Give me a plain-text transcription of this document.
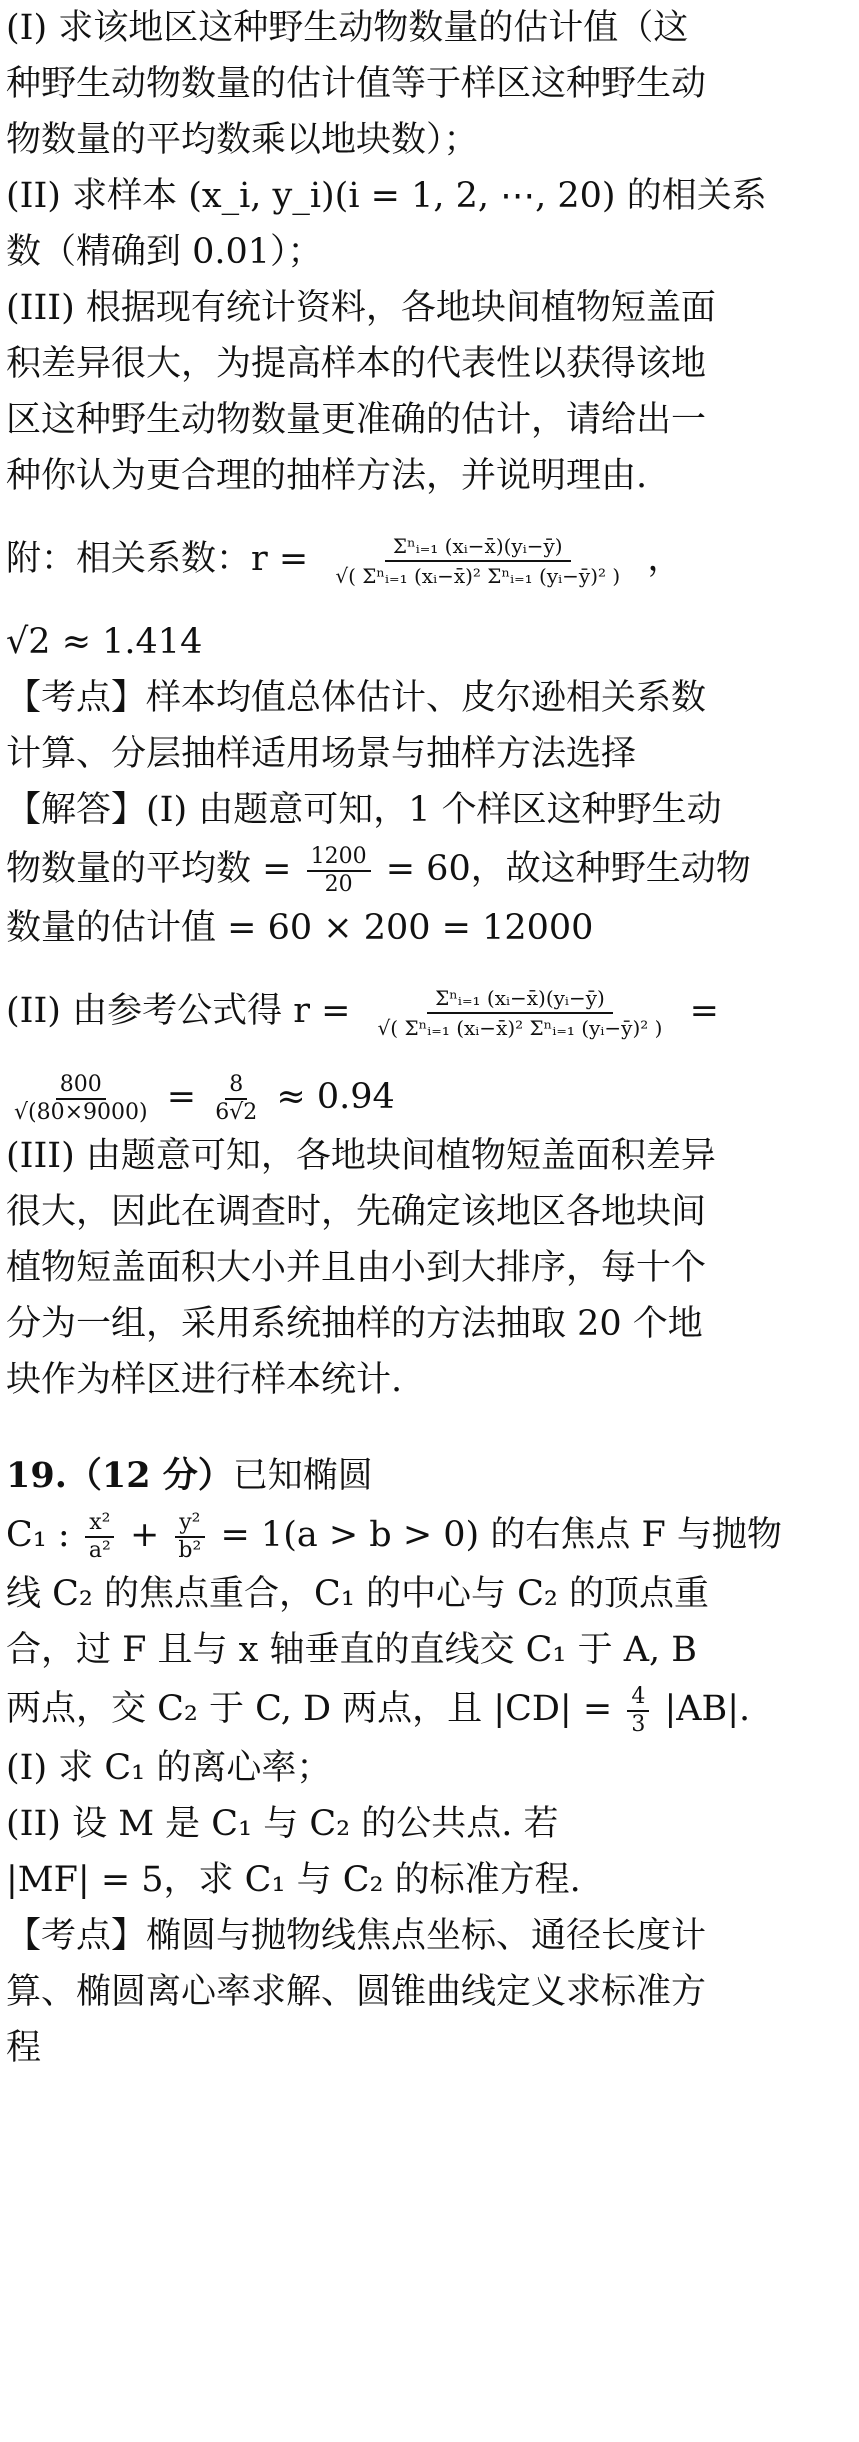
(I) 求该地区这种野生动物数量的估计值（这

种野生动物数量的估计值等于样区这种野生动

物数量的平均数乘以地块数）；

(II) 求样本 (x_i, y_i)(i = 1, 2, ⋯, 20) 的相关系

数（精确到 0.01）；

(III) 根据现有统计资料，各地块间植物短盖面

积差异很大，为提高样本的代表性以获得该地

区这种野生动物数量更准确的估计，请给出一

种你认为更合理的抽样方法，并说明理由.

附：相关系数：$r = \frac{\text{Σⁿᵢ₌₁ (xᵢ−x̄)(yᵢ−ȳ)}}{\text{√( Σⁿᵢ₌₁ (xᵢ−x̄)² Σⁿᵢ₌₁ (yᵢ−ȳ)² )}}$ ，

√2 ≈ 1.414

【考点】样本均值总体估计、皮尔逊相关系数

计算、分层抽样适用场景与抽样方法选择

【解答】(I) 由题意可知，1 个样区这种野生动

物数量的平均数 = $\frac{1200}{20} = 60$，故这种野生动物

数量的估计值 = 60 × 200 = 12000

(II) 由参考公式得 $r = \frac{\text{Σⁿᵢ₌₁ (xᵢ−x̄)(yᵢ−ȳ)}}{\text{√( Σⁿᵢ₌₁ (xᵢ−x̄)² Σⁿᵢ₌₁ (yᵢ−ȳ)² )}}$ =
$\frac{800}{√(80\times 9000)} = \frac{8}{6√2} \approx 0.94$

(III) 由题意可知，各地块间植物短盖面积差异

很大，因此在调查时，先确定该地区各地块间

植物短盖面积大小并且由小到大排序，每十个

分为一组，采用系统抽样的方法抽取 20 个地

块作为样区进行样本统计.

19.（12 分）已知椭圆

C₁ : $\frac{\text{x²}}{\text{a²}} + \frac{\text{y²}}{\text{b²}} = 1(a > b > 0)$ 的右焦点 F 与抛物

线 C₂ 的焦点重合，C₁ 的中心与 C₂ 的顶点重

合，过 F 且与 x 轴垂直的直线交 C₁ 于 A, B

两点，交 C₂ 于 C, D 两点，且 $|CD| = \frac{4}{3} |AB|$.

(I) 求 C₁ 的离心率；

(II) 设 M 是 C₁ 与 C₂ 的公共点. 若

|MF| = 5，求 C₁ 与 C₂ 的标准方程.

【考点】椭圆与抛物线焦点坐标、通径长度计

算、椭圆离心率求解、圆锥曲线定义求标准方

程
